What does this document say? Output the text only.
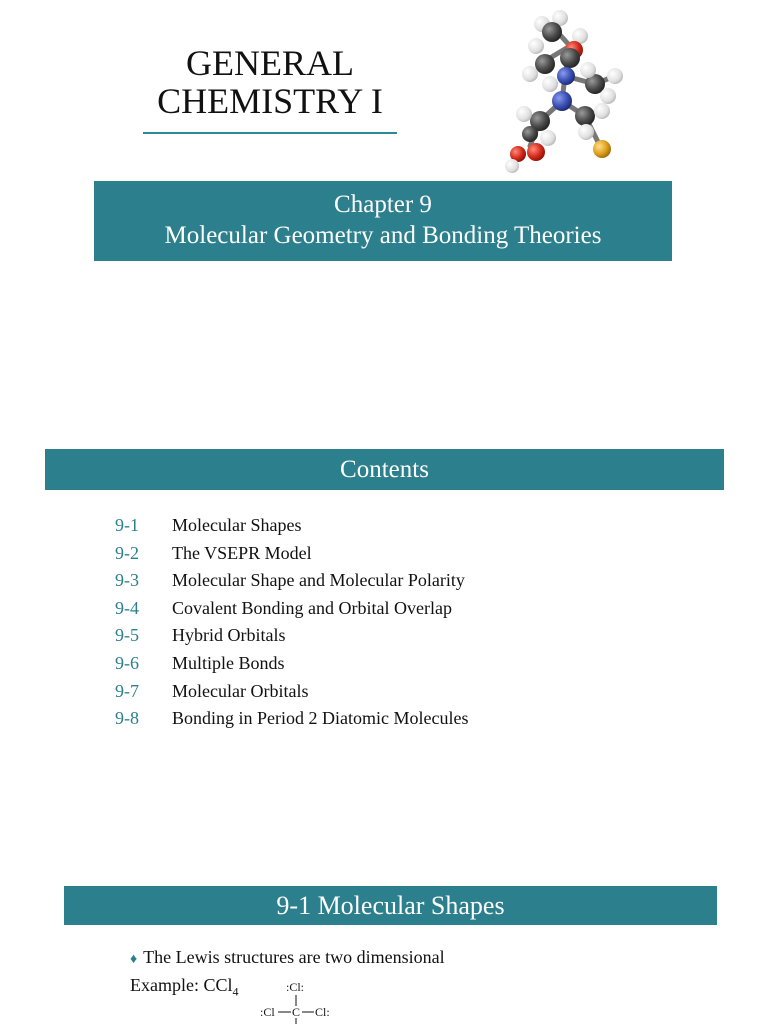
GENERAL
CHEMISTRY I
Chapter 9
Molecular Geometry and Bonding Theories
Contents
9-1 Molecular Shapes
9-2 The VSEPR Model
9-3 Molecular Shape and Molecular Polarity
9-4 Covalent Bonding and Orbital Overlap
9-5 Hybrid Orbitals
9-6 Multiple Bonds
9-7 Molecular Orbitals
9-8 Bonding in Period 2 Diatomic Molecules
9-1 Molecular Shapes
♦ The Lewis structures are two dimensional
Example: CCl$_4$	:Cl:
:Cl C Cl:
